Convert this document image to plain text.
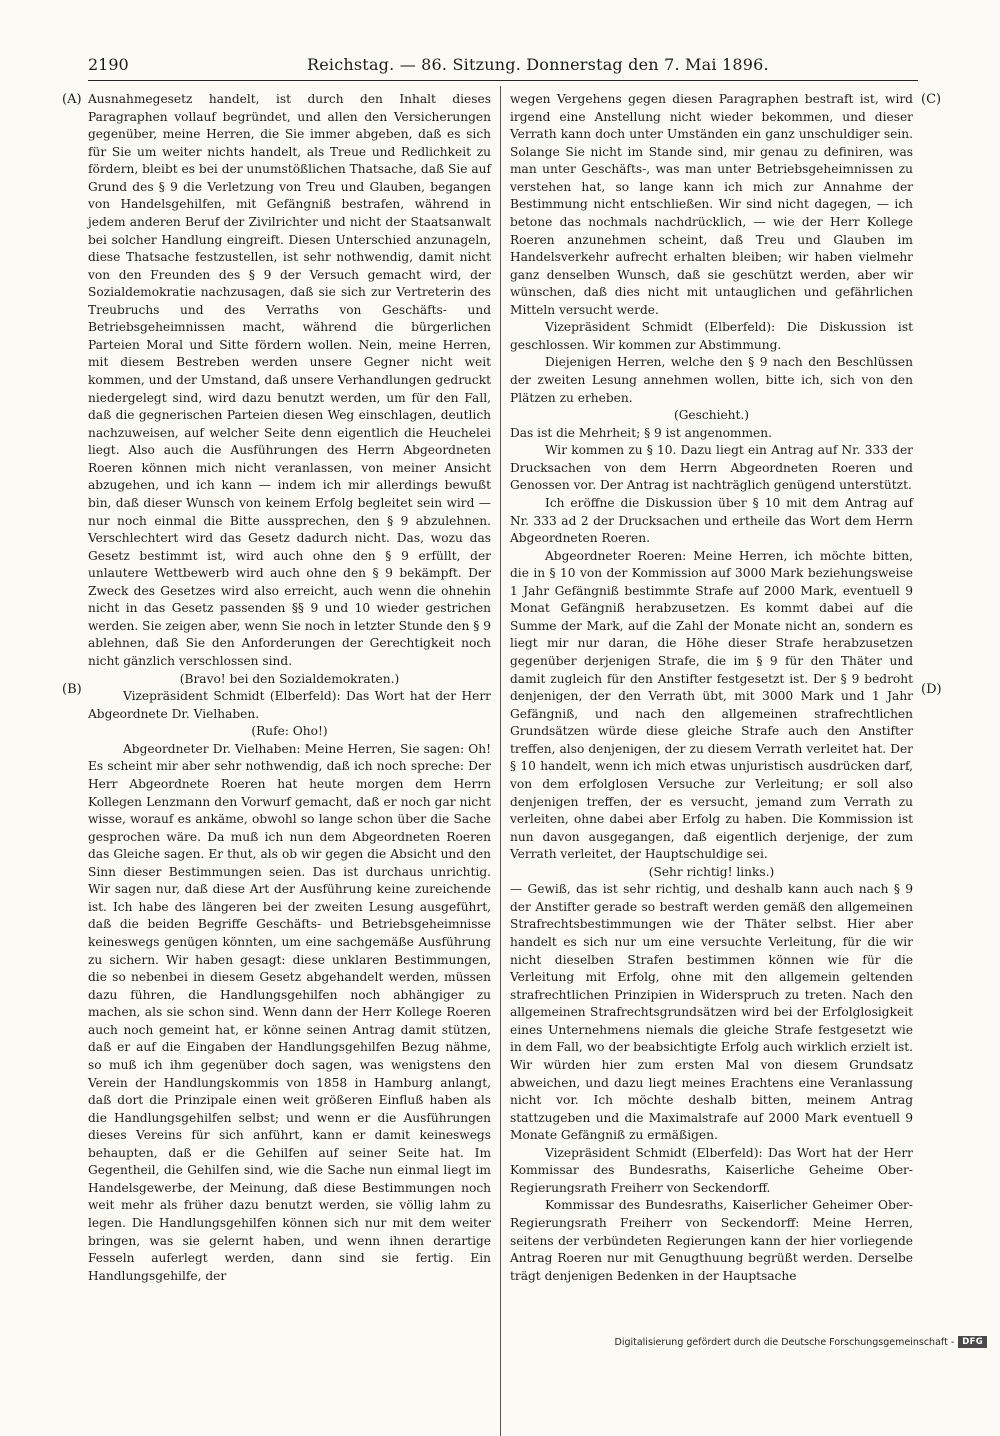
2190	Reichstag. — 86. Sitzung. Donnerstag den 7. Mai 1896.
(A)
(B)
(C)
(D)

Ausnahmegesetz handelt, ist durch den Inhalt dieses Paragraphen vollauf begründet, und allen den Versicherungen gegenüber, meine Herren, die Sie immer abgeben, daß es sich für Sie um weiter nichts handelt, als Treue und Redlichkeit zu fördern, bleibt es bei der unumstößlichen Thatsache, daß Sie auf Grund des § 9 die Verletzung von Treu und Glauben, begangen von Handelsgehilfen, mit Gefängniß bestrafen, während in jedem anderen Beruf der Zivilrichter und nicht der Staatsanwalt bei solcher Handlung eingreift. Diesen Unterschied anzunageln, diese Thatsache festzustellen, ist sehr nothwendig, damit nicht von den Freunden des § 9 der Versuch gemacht wird, der Sozialdemokratie nachzusagen, daß sie sich zur Vertreterin des Treubruchs und des Verraths von Geschäfts- und Betriebsgeheimnissen macht, während die bürgerlichen Parteien Moral und Sitte fördern wollen. Nein, meine Herren, mit diesem Bestreben werden unsere Gegner nicht weit kommen, und der Umstand, daß unsere Verhandlungen gedruckt niedergelegt sind, wird dazu benutzt werden, um für den Fall, daß die gegnerischen Parteien diesen Weg einschlagen, deutlich nachzuweisen, auf welcher Seite denn eigentlich die Heuchelei liegt. Also auch die Ausführungen des Herrn Abgeordneten Roeren können mich nicht veranlassen, von meiner Ansicht abzugehen, und ich kann — indem ich mir allerdings bewußt bin, daß dieser Wunsch von keinem Erfolg begleitet sein wird — nur noch einmal die Bitte aussprechen, den § 9 abzulehnen. Verschlechtert wird das Gesetz dadurch nicht. Das, wozu das Gesetz bestimmt ist, wird auch ohne den § 9 erfüllt, der unlautere Wettbewerb wird auch ohne den § 9 bekämpft. Der Zweck des Gesetzes wird also erreicht, auch wenn die ohnehin nicht in das Gesetz passenden §§ 9 und 10 wieder gestrichen werden. Sie zeigen aber, wenn Sie noch in letzter Stunde den § 9 ablehnen, daß Sie den Anforderungen der Gerechtigkeit noch nicht gänzlich verschlossen sind.

(Bravo! bei den Sozialdemokraten.)

Vizepräsident Schmidt (Elberfeld): Das Wort hat der Herr Abgeordnete Dr. Vielhaben.

(Rufe: Oho!)

Abgeordneter Dr. Vielhaben: Meine Herren, Sie sagen: Oh! Es scheint mir aber sehr nothwendig, daß ich noch spreche: Der Herr Abgeordnete Roeren hat heute morgen dem Herrn Kollegen Lenzmann den Vorwurf gemacht, daß er noch gar nicht wisse, worauf es ankäme, obwohl so lange schon über die Sache gesprochen wäre. Da muß ich nun dem Abgeordneten Roeren das Gleiche sagen. Er thut, als ob wir gegen die Absicht und den Sinn dieser Bestimmungen seien. Das ist durchaus unrichtig. Wir sagen nur, daß diese Art der Ausführung keine zureichende ist. Ich habe des längeren bei der zweiten Lesung ausgeführt, daß die beiden Begriffe Geschäfts- und Betriebsgeheimnisse keineswegs genügen könnten, um eine sachgemäße Ausführung zu sichern. Wir haben gesagt: diese unklaren Bestimmungen, die so nebenbei in diesem Gesetz abgehandelt werden, müssen dazu führen, die Handlungsgehilfen noch abhängiger zu machen, als sie schon sind. Wenn dann der Herr Kollege Roeren auch noch gemeint hat, er könne seinen Antrag damit stützen, daß er auf die Eingaben der Handlungsgehilfen Bezug nähme, so muß ich ihm gegenüber doch sagen, was wenigstens den Verein der Handlungskommis von 1858 in Hamburg anlangt, daß dort die Prinzipale einen weit größeren Einfluß haben als die Handlungsgehilfen selbst; und wenn er die Ausführungen dieses Vereins für sich anführt, kann er damit keineswegs behaupten, daß er die Gehilfen auf seiner Seite hat. Im Gegentheil, die Gehilfen sind, wie die Sache nun einmal liegt im Handelsgewerbe, der Meinung, daß diese Bestimmungen noch weit mehr als früher dazu benutzt werden, sie völlig lahm zu legen. Die Handlungsgehilfen können sich nur mit dem weiter bringen, was sie gelernt haben, und wenn ihnen derartige Fesseln auferlegt werden, dann sind sie fertig. Ein Handlungsgehilfe, der

wegen Vergehens gegen diesen Paragraphen bestraft ist, wird irgend eine Anstellung nicht wieder bekommen, und dieser Verrath kann doch unter Umständen ein ganz unschuldiger sein. Solange Sie nicht im Stande sind, mir genau zu definiren, was man unter Geschäfts-, was man unter Betriebsgeheimnissen zu verstehen hat, so lange kann ich mich zur Annahme der Bestimmung nicht entschließen. Wir sind nicht dagegen, — ich betone das nochmals nachdrücklich, — wie der Herr Kollege Roeren anzunehmen scheint, daß Treu und Glauben im Handelsverkehr aufrecht erhalten bleiben; wir haben vielmehr ganz denselben Wunsch, daß sie geschützt werden, aber wir wünschen, daß dies nicht mit untauglichen und gefährlichen Mitteln versucht werde.

Vizepräsident Schmidt (Elberfeld): Die Diskussion ist geschlossen. Wir kommen zur Abstimmung.

Diejenigen Herren, welche den § 9 nach den Beschlüssen der zweiten Lesung annehmen wollen, bitte ich, sich von den Plätzen zu erheben.

(Geschieht.)

Das ist die Mehrheit; § 9 ist angenommen.

Wir kommen zu § 10. Dazu liegt ein Antrag auf Nr. 333 der Drucksachen von dem Herrn Abgeordneten Roeren und Genossen vor. Der Antrag ist nachträglich genügend unterstützt.

Ich eröffne die Diskussion über § 10 mit dem Antrag auf Nr. 333 ad 2 der Drucksachen und ertheile das Wort dem Herrn Abgeordneten Roeren.

Abgeordneter Roeren: Meine Herren, ich möchte bitten, die in § 10 von der Kommission auf 3000 Mark beziehungsweise 1 Jahr Gefängniß bestimmte Strafe auf 2000 Mark, eventuell 9 Monat Gefängniß herabzusetzen. Es kommt dabei auf die Summe der Mark, auf die Zahl der Monate nicht an, sondern es liegt mir nur daran, die Höhe dieser Strafe herabzusetzen gegenüber derjenigen Strafe, die im § 9 für den Thäter und damit zugleich für den Anstifter festgesetzt ist. Der § 9 bedroht denjenigen, der den Verrath übt, mit 3000 Mark und 1 Jahr Gefängniß, und nach den allgemeinen strafrechtlichen Grundsätzen würde diese gleiche Strafe auch den Anstifter treffen, also denjenigen, der zu diesem Verrath verleitet hat. Der § 10 handelt, wenn ich mich etwas unjuristisch ausdrücken darf, von dem erfolglosen Versuche zur Verleitung; er soll also denjenigen treffen, der es versucht, jemand zum Verrath zu verleiten, ohne dabei aber Erfolg zu haben. Die Kommission ist nun davon ausgegangen, daß eigentlich derjenige, der zum Verrath verleitet, der Hauptschuldige sei.

(Sehr richtig! links.)

— Gewiß, das ist sehr richtig, und deshalb kann auch nach § 9 der Anstifter gerade so bestraft werden gemäß den allgemeinen Strafrechtsbestimmungen wie der Thäter selbst. Hier aber handelt es sich nur um eine versuchte Verleitung, für die wir nicht dieselben Strafen bestimmen können wie für die Verleitung mit Erfolg, ohne mit den allgemein geltenden strafrechtlichen Prinzipien in Widerspruch zu treten. Nach den allgemeinen Strafrechtsgrundsätzen wird bei der Erfolglosigkeit eines Unternehmens niemals die gleiche Strafe festgesetzt wie in dem Fall, wo der beabsichtigte Erfolg auch wirklich erzielt ist. Wir würden hier zum ersten Mal von diesem Grundsatz abweichen, und dazu liegt meines Erachtens eine Veranlassung nicht vor. Ich möchte deshalb bitten, meinem Antrag stattzugeben und die Maximalstrafe auf 2000 Mark eventuell 9 Monate Gefängniß zu ermäßigen.

Vizepräsident Schmidt (Elberfeld): Das Wort hat der Herr Kommissar des Bundesraths, Kaiserliche Geheime Ober-Regierungsrath Freiherr von Seckendorff.

Kommissar des Bundesraths, Kaiserlicher Geheimer Ober-Regierungsrath Freiherr von Seckendorff: Meine Herren, seitens der verbündeten Regierungen kann der hier vorliegende Antrag Roeren nur mit Genugthuung begrüßt werden. Derselbe trägt denjenigen Bedenken in der Hauptsache

Digitalisierung gefördert durch die Deutsche Forschungsgemeinschaft - DFG
